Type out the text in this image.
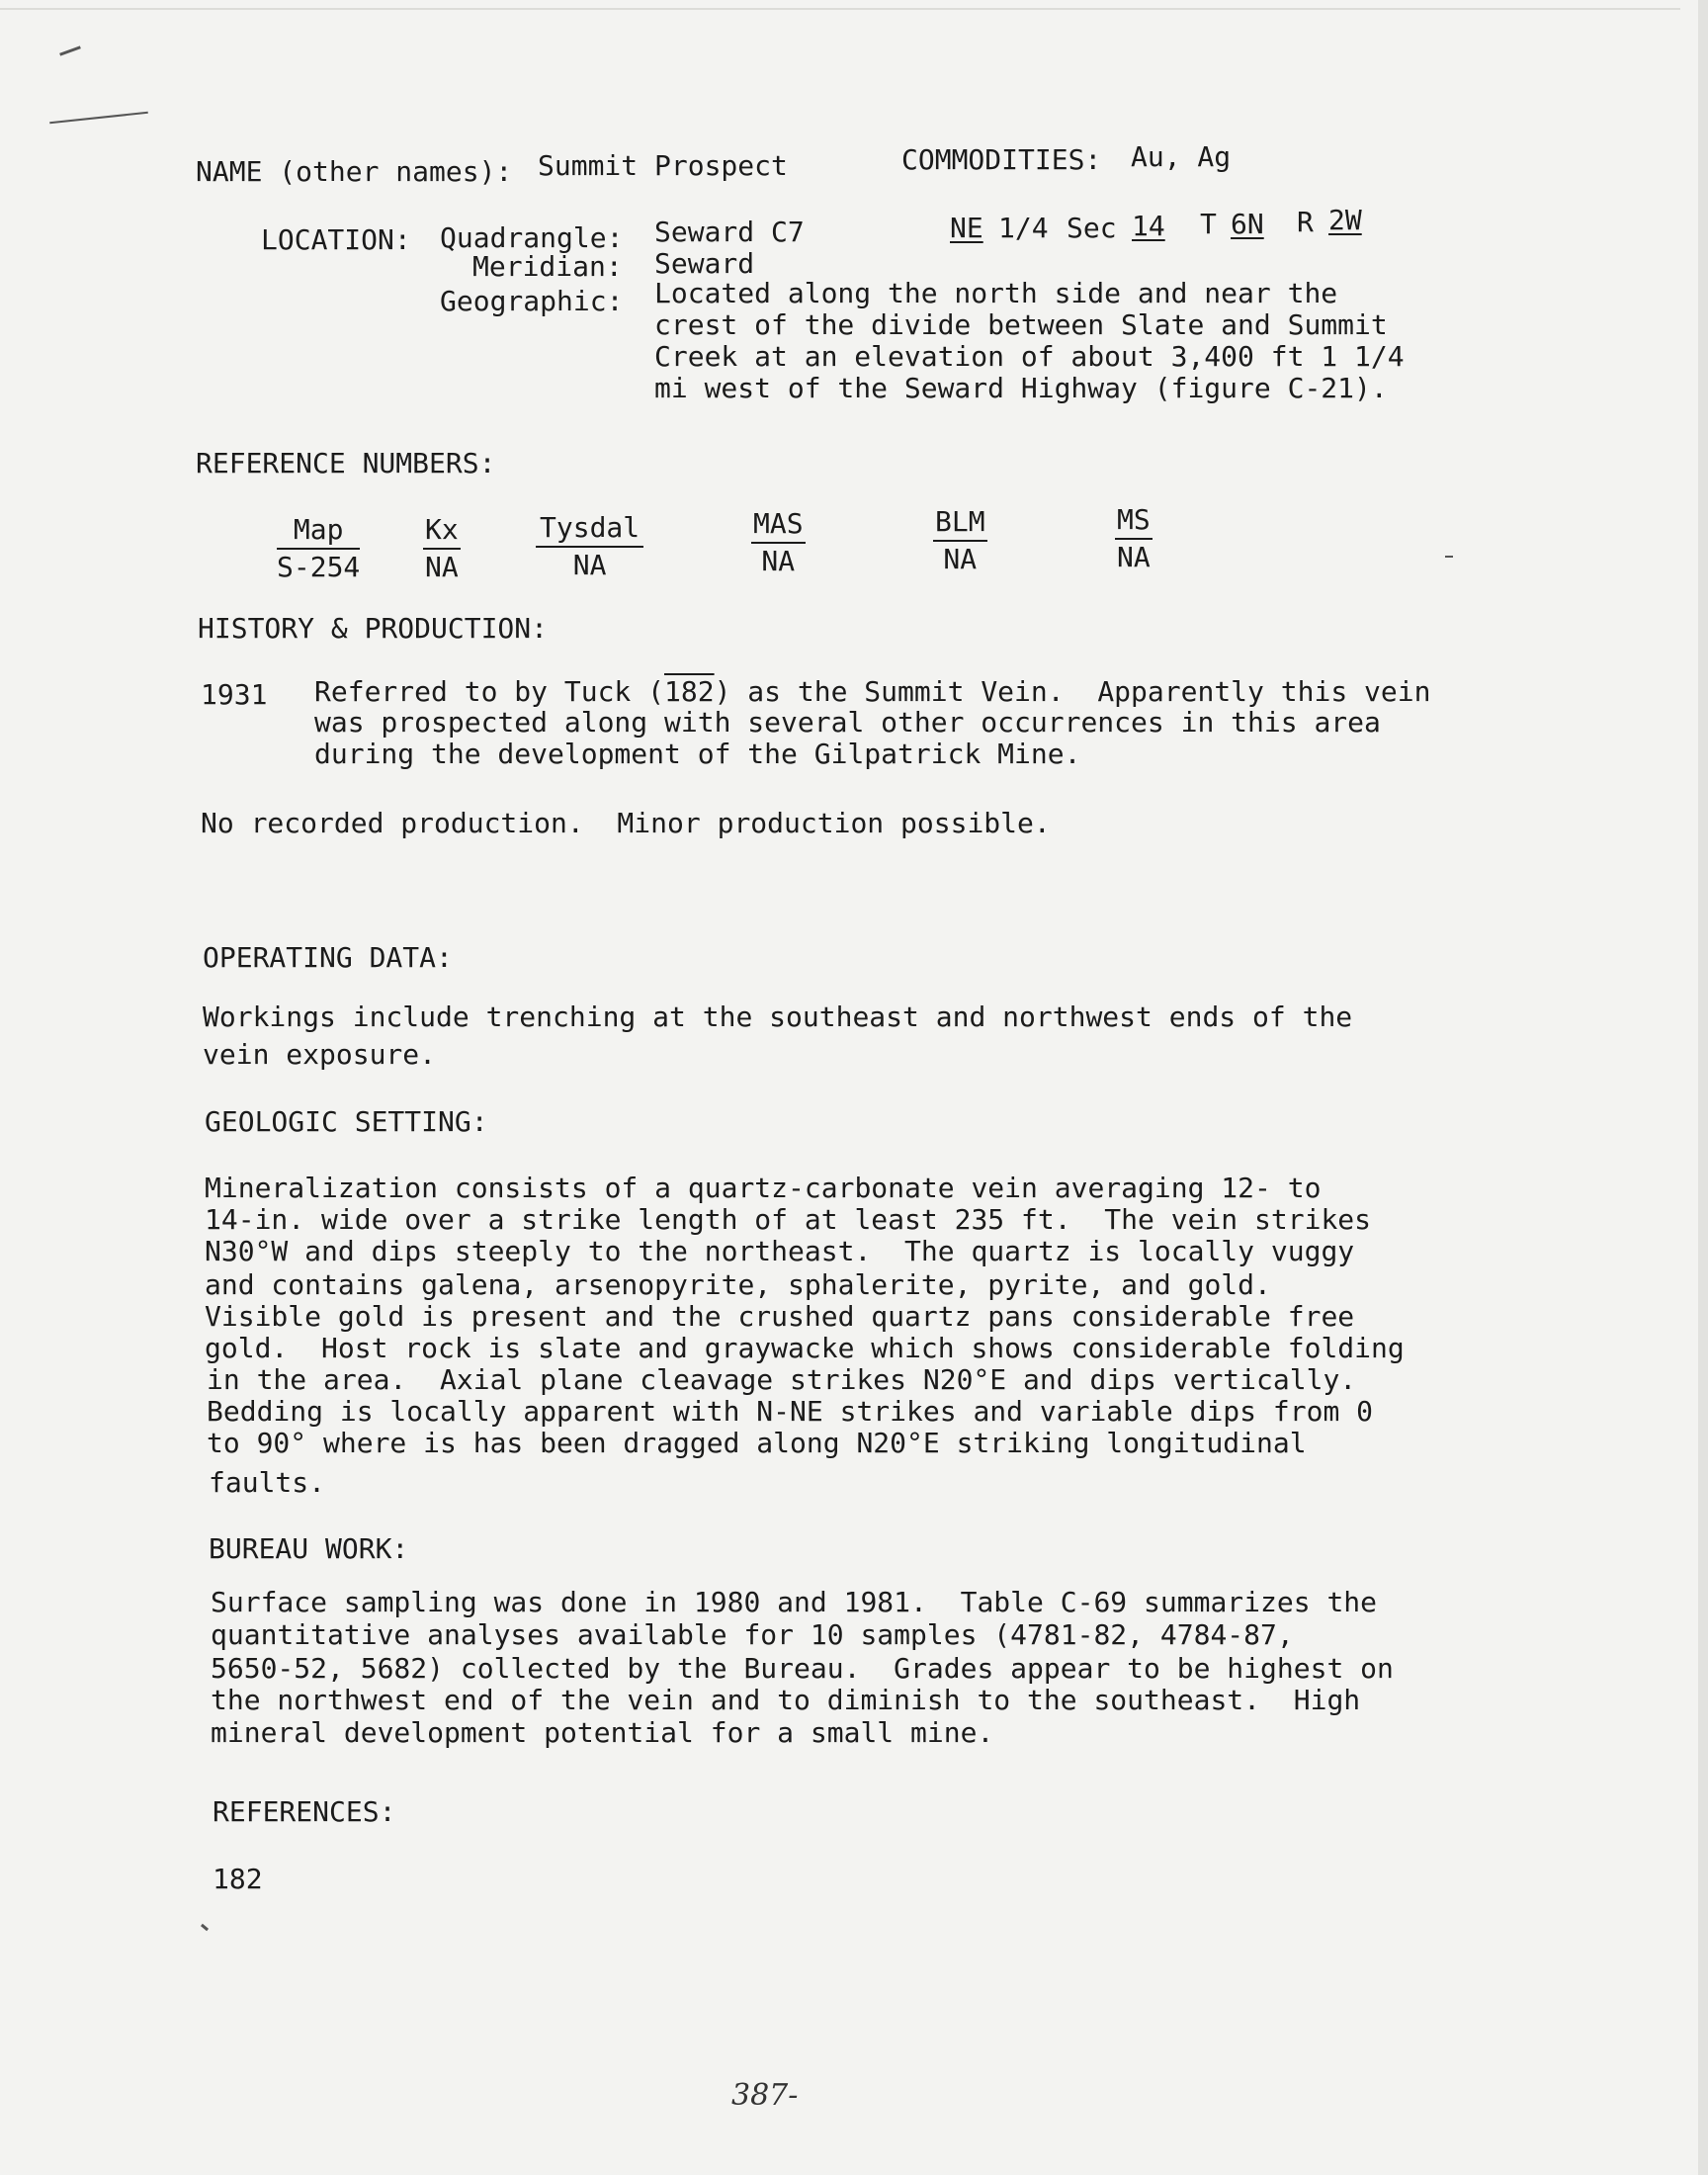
NAME (other names): Summit Prospect	COMMODITIES: Au, Ag
LOCATION: Quadrangle: Seward C7	NE 1/4 Sec 14 T 6N R 2W
Meridian: Seward
Geographic: Located along the north side and near the
crest of the divide between Slate and Summit
Creek at an elevation of about 3,400 ft 1 1/4
mi west of the Seward Highway (figure C-21).
REFERENCE NUMBERS:
Map
S-254
Kx
NA
Tysdal
NA
MAS
NA
BLM
NA
MS
NA
HISTORY & PRODUCTION:
1931 Referred to by Tuck (182) as the Summit Vein.  Apparently this vein
was prospected along with several other occurrences in this area
during the development of the Gilpatrick Mine.
No recorded production.  Minor production possible.
OPERATING DATA:
Workings include trenching at the southeast and northwest ends of the
vein exposure.
GEOLOGIC SETTING:
Mineralization consists of a quartz-carbonate vein averaging 12- to
14-in. wide over a strike length of at least 235 ft.  The vein strikes
N30°W and dips steeply to the northeast.  The quartz is locally vuggy
and contains galena, arsenopyrite, sphalerite, pyrite, and gold.
Visible gold is present and the crushed quartz pans considerable free
gold.  Host rock is slate and graywacke which shows considerable folding
in the area.  Axial plane cleavage strikes N20°E and dips vertically.
Bedding is locally apparent with N-NE strikes and variable dips from 0
to 90° where is has been dragged along N20°E striking longitudinal
faults.
BUREAU WORK:
Surface sampling was done in 1980 and 1981.  Table C-69 summarizes the
quantitative analyses available for 10 samples (4781-82, 4784-87,
5650-52, 5682) collected by the Bureau.  Grades appear to be highest on
the northwest end of the vein and to diminish to the southeast.  High
mineral development potential for a small mine.
REFERENCES:
182
387-
